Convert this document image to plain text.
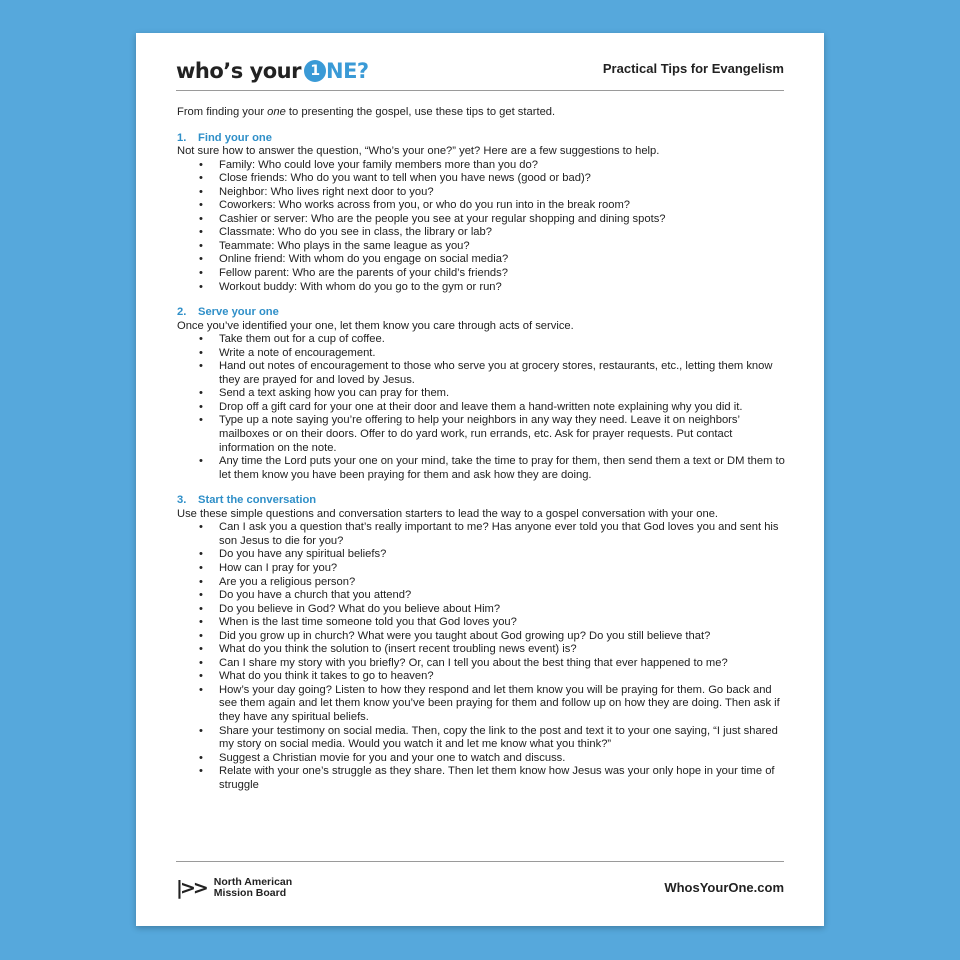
who’s your 1 NE?	Practical Tips for Evangelism

From finding your one to presenting the gospel, use these tips to get started.

1. Find your one

Not sure how to answer the question, “Who’s your one?” yet? Here are a few suggestions to help.

• Family: Who could love your family members more than you do?
• Close friends: Who do you want to tell when you have news (good or bad)?
• Neighbor: Who lives right next door to you?
• Coworkers: Who works across from you, or who do you run into in the break room?
• Cashier or server: Who are the people you see at your regular shopping and dining spots?
• Classmate: Who do you see in class, the library or lab?
• Teammate: Who plays in the same league as you?
• Online friend: With whom do you engage on social media?
• Fellow parent: Who are the parents of your child’s friends?
• Workout buddy: With whom do you go to the gym or run?

2. Serve your one

Once you’ve identified your one, let them know you care through acts of service.

• Take them out for a cup of coffee.
• Write a note of encouragement.
• Hand out notes of encouragement to those who serve you at grocery stores, restaurants, etc., letting them know they are prayed for and loved by Jesus.
• Send a text asking how you can pray for them.
• Drop off a gift card for your one at their door and leave them a hand-written note explaining why you did it.
• Type up a note saying you’re offering to help your neighbors in any way they need. Leave it on neighbors’ mailboxes or on their doors. Offer to do yard work, run errands, etc. Ask for prayer requests. Put contact information on the note.
• Any time the Lord puts your one on your mind, take the time to pray for them, then send them a text or DM them to let them know you have been praying for them and ask how they are doing.

3. Start the conversation

Use these simple questions and conversation starters to lead the way to a gospel conversation with your one.

• Can I ask you a question that’s really important to me? Has anyone ever told you that God loves you and sent his son Jesus to die for you?
• Do you have any spiritual beliefs?
• How can I pray for you?
• Are you a religious person?
• Do you have a church that you attend?
• Do you believe in God? What do you believe about Him?
• When is the last time someone told you that God loves you?
• Did you grow up in church? What were you taught about God growing up? Do you still believe that?
• What do you think the solution to (insert recent troubling news event) is?
• Can I share my story with you briefly? Or, can I tell you about the best thing that ever happened to me?
• What do you think it takes to go to heaven?
• How’s your day going? Listen to how they respond and let them know you will be praying for them. Go back and see them again and let them know you’ve been praying for them and follow up on how they are doing. Then ask if they have any spiritual beliefs.
• Share your testimony on social media. Then, copy the link to the post and text it to your one saying, “I just shared my story on social media. Would you watch it and let me know what you think?”
• Suggest a Christian movie for you and your one to watch and discuss.
• Relate with your one’s struggle as they share. Then let them know how Jesus was your only hope in your time of struggle
|>> North American
Mission Board	WhosYourOne.com
